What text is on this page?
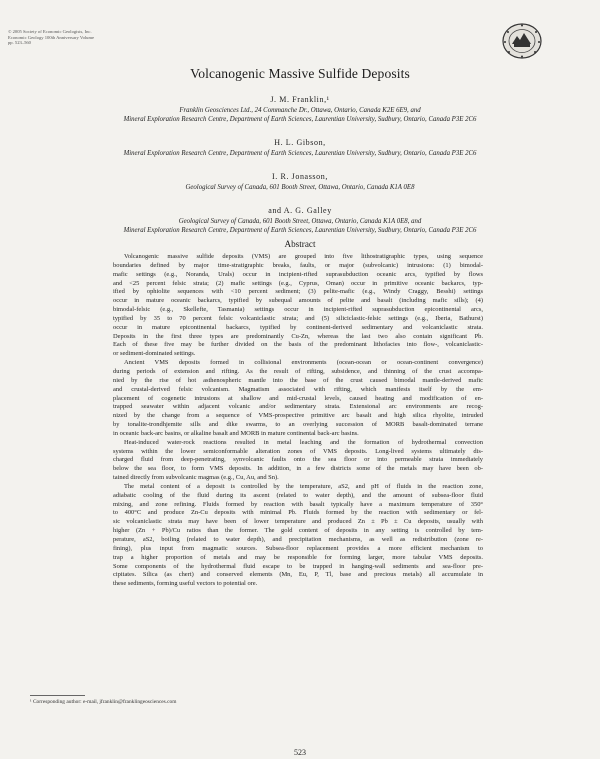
© 2005 Society of Economic Geologists, Inc.
Economic Geology 100th Anniversary Volume
pp. 523–560
Volcanogenic Massive Sulfide Deposits
J. M. Franklin,¹
Franklin Geosciences Ltd., 24 Commanche Dr., Ottawa, Ontario, Canada K2E 6E9, and
Mineral Exploration Research Centre, Department of Earth Sciences, Laurentian University, Sudbury, Ontario, Canada P3E 2C6
H. L. Gibson,
Mineral Exploration Research Centre, Department of Earth Sciences, Laurentian University, Sudbury, Ontario, Canada P3E 2C6
I. R. Jonasson,
Geological Survey of Canada, 601 Booth Street, Ottawa, Ontario, Canada K1A 0E8
and A. G. Galley
Geological Survey of Canada, 601 Booth Street, Ottawa, Ontario, Canada K1A 0E8, and
Mineral Exploration Research Centre, Department of Earth Sciences, Laurentian University, Sudbury, Ontario, Canada P3E 2C6
Abstract
Volcanogenic massive sulfide deposits (VMS) are grouped into five lithostratigraphic types, using sequence
boundaries defined by major time-stratigraphic breaks, faults, or major (subvolcanic) intrusions: (1) bimodal-
mafic settings (e.g., Noranda, Urals) occur in incipient-rifted suprasubduction oceanic arcs, typified by flows
and <25 percent felsic strata; (2) mafic settings (e.g., Cyprus, Oman) occur in primitive oceanic backarcs, typ-
ified by ophiolite sequences with <10 percent sediment; (3) pelite-mafic (e.g., Windy Craggy, Besshi) settings
occur in mature oceanic backarcs, typified by subequal amounts of pelite and basalt (including mafic sills); (4)
bimodal-felsic (e.g., Skellefte, Tasmania) settings occur in incipient-rifted suprasubduction epicontinental arcs,
typified by 35 to 70 percent felsic volcaniclastic strata; and (5) siliciclastic-felsic settings (e.g., Iberia, Bathurst)
occur in mature epicontinental backarcs, typified by continent-derived sedimentary and volcaniclastic strata.
Deposits in the first three types are predominantly Cu-Zn, whereas the last two also contain significant Pb.
Each of these five may be further divided on the basis of the predominant lithofacies into flow-, volcaniclastic-
or sediment-dominated settings.
Ancient VMS deposits formed in collisional environments (ocean-ocean or ocean-continent convergence)
during periods of extension and rifting. As the result of rifting, subsidence, and thinning of the crust accompa-
nied by the rise of hot asthenospheric mantle into the base of the crust caused bimodal mantle-derived mafic
and crustal-derived felsic volcanism. Magmatism associated with rifting, which manifests itself by the em-
placement of cogenetic intrusions at shallow and mid-crustal levels, caused heating and modification of en-
trapped seawater within adjacent volcanic and/or sedimentary strata. Extensional arc environments are recog-
nized by the change from a sequence of VMS-prospective primitive arc basalt and high silica rhyolite, intruded
by tonalite-trondhjemite sills and dike swarms, to an overlying succession of MORB basalt-dominated terrane
in oceanic back-arc basins, or alkaline basalt and MORB in mature continental back-arc basins.
Heat-induced water-rock reactions resulted in metal leaching and the formation of hydrothermal convection
systems within the lower semiconformable alteration zones of VMS deposits. Long-lived systems ultimately dis-
charged fluid from deep-penetrating, synvolcanic faults onto the sea floor or into permeable strata immediately
below the sea floor, to form VMS deposits. In addition, in a few districts some of the metals may have been ob-
tained directly from subvolcanic magmas (e.g., Cu, Au, and Sn).
The metal content of a deposit is controlled by the temperature, aS2, and pH of fluids in the reaction zone,
adiabatic cooling of the fluid during its ascent (related to water depth), and the amount of subsea-floor fluid
mixing, and zone refining. Fluids formed by reaction with basalt typically have a maximum temperature of 350°
to 400°C and produce Zn-Cu deposits with minimal Pb. Fluids formed by the reaction with sedimentary or fel-
sic volcaniclastic strata may have been of lower temperature and produced Zn ± Pb ± Cu deposits, usually with
higher (Zn + Pb)/Cu ratios than the former. The gold content of deposits in any setting is controlled by tem-
perature, aS2, boiling (related to water depth), and precipitation mechanisms, as well as redistribution (zone re-
fining), plus input from magmatic sources. Subsea-floor replacement provides a more efficient mechanism to
trap a higher proportion of metals and may be responsible for forming larger, more tabular VMS deposits.
Some components of the hydrothermal fluid escape to be trapped in hanging-wall sediments and sea-floor pre-
cipitates. Silica (as chert) and conserved elements (Mn, Eu, P, Tl, base and precious metals) all accumulate in
these sediments, forming useful vectors to potential ore.
¹ Corresponding author: e-mail, jfranklin@franklingeosciences.com
523
